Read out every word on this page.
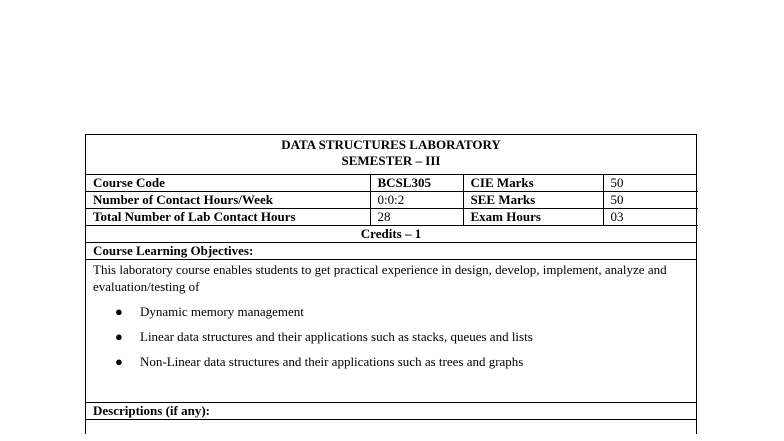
DATA STRUCTURES LABORATORY
SEMESTER – III
Course Code	BCSL305	CIE Marks	50
Number of Contact Hours/Week	0:0:2	SEE Marks	50
Total Number of Lab Contact Hours	28	Exam Hours	03
Credits – 1
Course Learning Objectives:

This laboratory course enables students to get practical experience in design, develop, implement, analyze and evaluation/testing of

● Dynamic memory management
● Linear data structures and their applications such as stacks, queues and lists
● Non-Linear data structures and their applications such as trees and graphs
Descriptions (if any):
